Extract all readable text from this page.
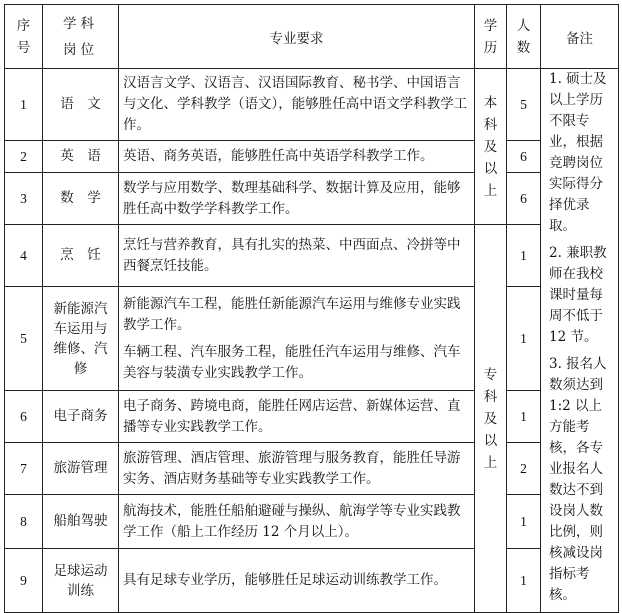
序号	学科岗位	专业要求	学历	人数	备注
1	语　文	汉语言文学、汉语言、汉语国际教育、秘书学、中国语言与文化、学科教学（语文），能够胜任高中语文学科教学工作。	本科及以上	5	1. 硕士及以上学历不限专业，根据竞聘岗位实际得分择优录取。

2. 兼职教师在我校课时量每周不低于 12 节。

3. 报名人数须达到 1:2 以上方能考核，各专业报名人数达不到设岗人数比例，则核减设岗指标考核。

2	英　语	英语、商务英语，能够胜任高中英语学科教学工作。		6	
3	数　学	数学与应用数学、数理基础科学、数据计算及应用，能够胜任高中数学学科教学工作。		6	
4	烹　饪	烹饪与营养教育，具有扎实的热菜、中西面点、冷拼等中西餐烹饪技能。	专科及以上	1	
5	新能源汽车运用与维修、汽修	新能源汽车工程，能胜任新能源汽车运用与维修专业实践教学工作。

车辆工程、汽车服务工程，能胜任汽车运用与维修、汽车美容与装潢专业实践教学工作。		1	
6	电子商务	电子商务、跨境电商，能胜任网店运营、新媒体运营、直播等专业实践教学工作。		1	
7	旅游管理	旅游管理、酒店管理、旅游管理与服务教育，能胜任导游实务、酒店财务基础等专业实践教学工作。		2	
8	船舶驾驶	航海技术，能胜任船舶避碰与操纵、航海学等专业实践教学工作（船上工作经历 12 个月以上）。		1	
9	足球运动训练	具有足球专业学历，能够胜任足球运动训练教学工作。		1	
